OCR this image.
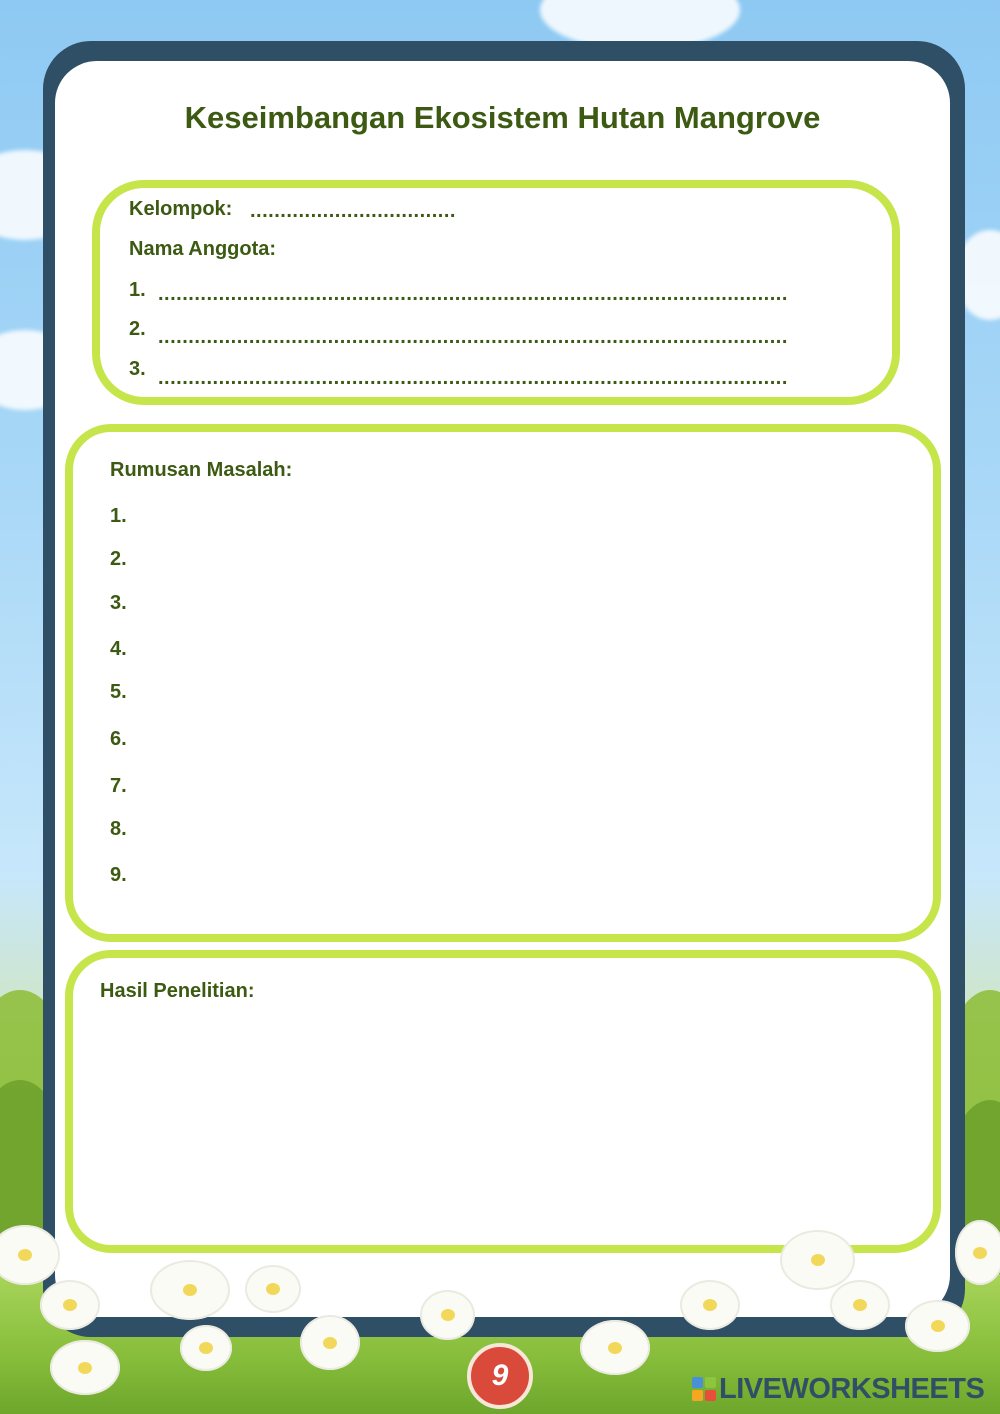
Keseimbangan Ekosistem Hutan Mangrove
Kelompok: ..................................
Nama Anggota:
1. ........................................................................................................
2. ........................................................................................................
3. ........................................................................................................
Rumusan Masalah:
1.
2.
3.
4.
5.
6.
7.
8.
9.
Hasil Penelitian:
9	LIVEWORKSHEETS
